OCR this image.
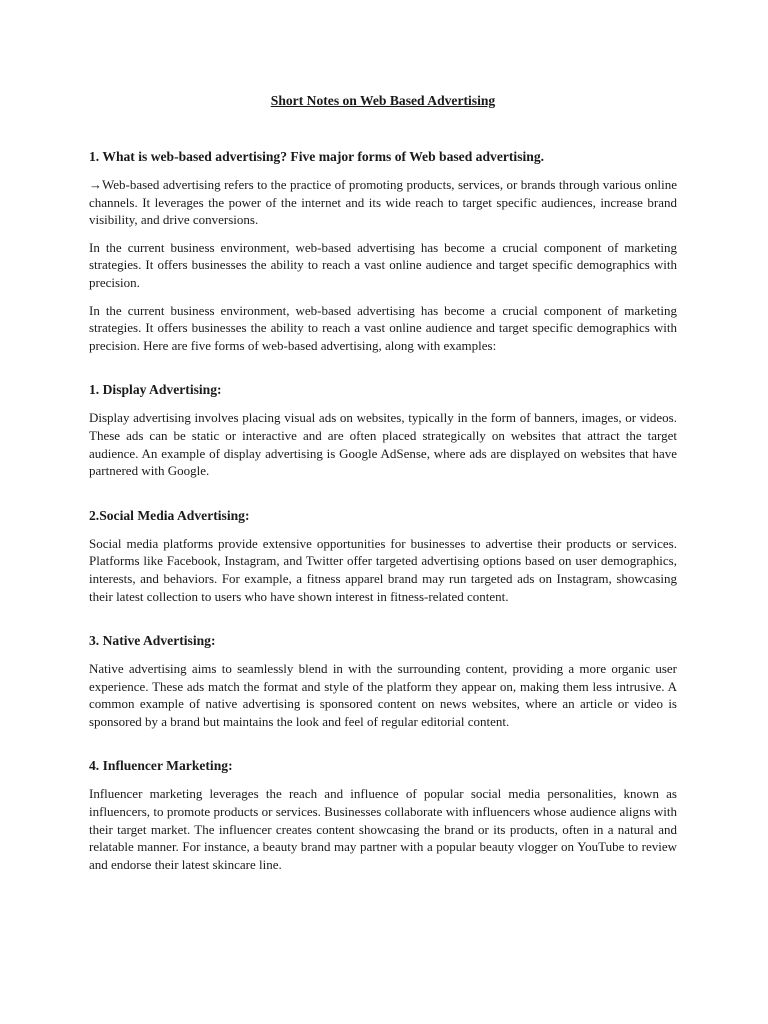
Short Notes on Web Based Advertising
1. What is web-based advertising? Five major forms of Web based advertising.

→Web-based advertising refers to the practice of promoting products, services, or brands through various online channels. It leverages the power of the internet and its wide reach to target specific audiences, increase brand visibility, and drive conversions.

In the current business environment, web-based advertising has become a crucial component of marketing strategies. It offers businesses the ability to reach a vast online audience and target specific demographics with precision.

In the current business environment, web-based advertising has become a crucial component of marketing strategies. It offers businesses the ability to reach a vast online audience and target specific demographics with precision. Here are five forms of web-based advertising, along with examples:

1. Display Advertising:

Display advertising involves placing visual ads on websites, typically in the form of banners, images, or videos. These ads can be static or interactive and are often placed strategically on websites that attract the target audience. An example of display advertising is Google AdSense, where ads are displayed on websites that have partnered with Google.

2.Social Media Advertising:

Social media platforms provide extensive opportunities for businesses to advertise their products or services. Platforms like Facebook, Instagram, and Twitter offer targeted advertising options based on user demographics, interests, and behaviors. For example, a fitness apparel brand may run targeted ads on Instagram, showcasing their latest collection to users who have shown interest in fitness-related content.

3. Native Advertising:

Native advertising aims to seamlessly blend in with the surrounding content, providing a more organic user experience. These ads match the format and style of the platform they appear on, making them less intrusive. A common example of native advertising is sponsored content on news websites, where an article or video is sponsored by a brand but maintains the look and feel of regular editorial content.

4. Influencer Marketing:

Influencer marketing leverages the reach and influence of popular social media personalities, known as influencers, to promote products or services. Businesses collaborate with influencers whose audience aligns with their target market. The influencer creates content showcasing the brand or its products, often in a natural and relatable manner. For instance, a beauty brand may partner with a popular beauty vlogger on YouTube to review and endorse their latest skincare line.
